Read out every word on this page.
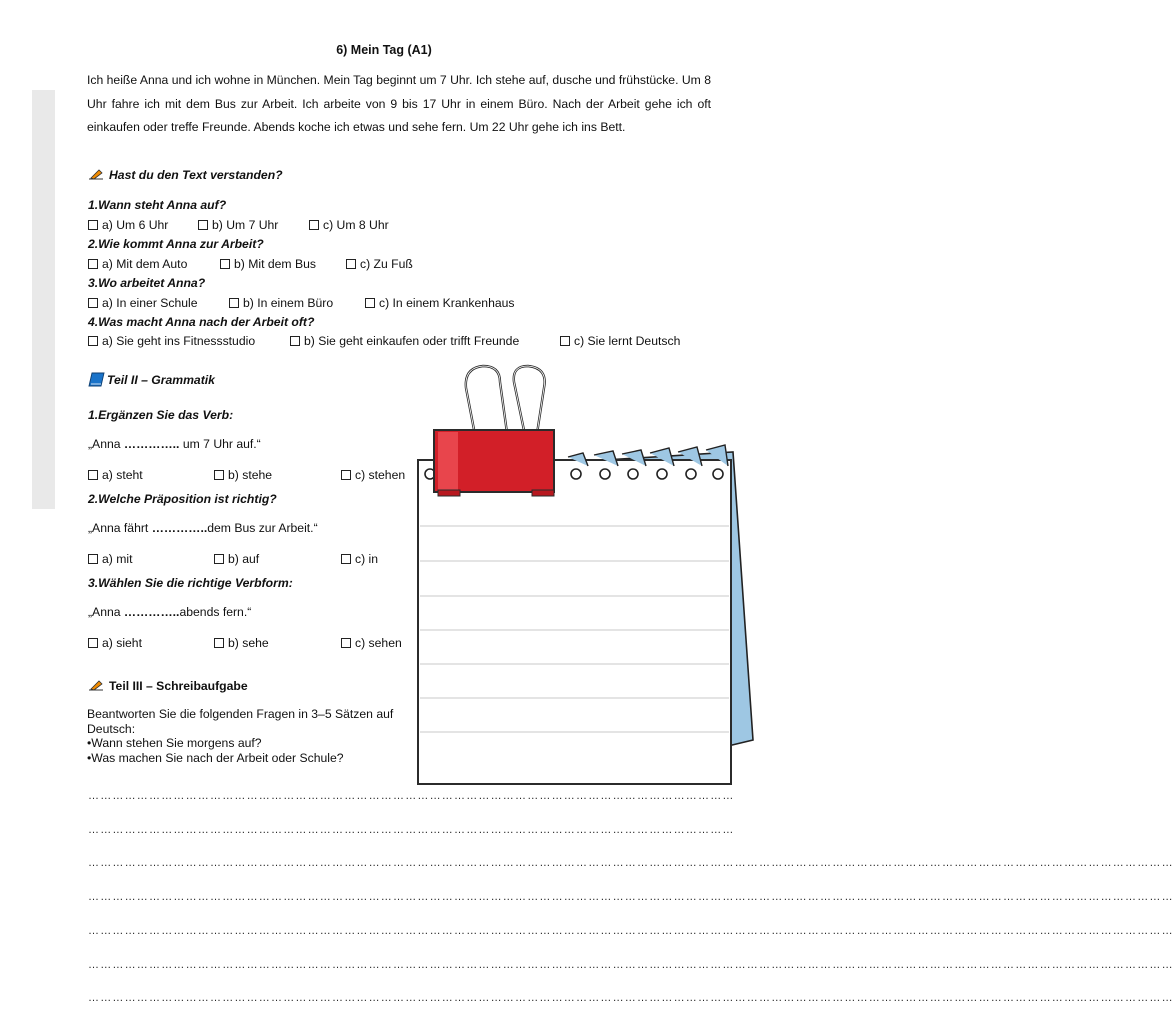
6) Mein Tag (A1)
Ich heiße Anna und ich wohne in München. Mein Tag beginnt um 7 Uhr. Ich stehe auf, dusche und frühstücke. Um 8 Uhr fahre ich mit dem Bus zur Arbeit. Ich arbeite von 9 bis 17 Uhr in einem Büro. Nach der Arbeit gehe ich oft einkaufen oder treffe Freunde. Abends koche ich etwas und sehe fern. Um 22 Uhr gehe ich ins Bett.
Hast du den Text verstanden?
1.Wann steht Anna auf?
a) Um 6 Uhr	b) Um 7 Uhr	c) Um 8 Uhr
2.Wie kommt Anna zur Arbeit?
a) Mit dem Auto	b) Mit dem Bus	c) Zu Fuß
3.Wo arbeitet Anna?
a) In einer Schule	b) In einem Büro	c) In einem Krankenhaus
4.Was macht Anna nach der Arbeit oft?
a) Sie geht ins Fitnessstudio	b) Sie geht einkaufen oder trifft Freunde	c) Sie lernt Deutsch
Teil II – Grammatik
1.Ergänzen Sie das Verb:
„Anna ………….. um 7 Uhr auf.“
a) steht	b) stehe	c) stehen
2.Welche Präposition ist richtig?
„Anna fährt …………..dem Bus zur Arbeit.“
a) mit	b) auf	c) in
3.Wählen Sie die richtige Verbform:
„Anna …………..abends fern.“
a) sieht	b) sehe	c) sehen
Teil III – Schreibaufgabe
Beantworten Sie die folgenden Fragen in 3–5 Sätzen auf Deutsch:
•Wann stehen Sie morgens auf?
•Was machen Sie nach der Arbeit oder Schule?
……………………………………………………………………………………………………………………………………………
……………………………………………………………………………………………………………………………………………
……………………………………………………………………………………………………………………………………………………………………………………………………………………………………………
……………………………………………………………………………………………………………………………………………………………………………………………………………………………………………
……………………………………………………………………………………………………………………………………………………………………………………………………………………………………………
……………………………………………………………………………………………………………………………………………………………………………………………………………………………………………
……………………………………………………………………………………………………………………………………………………………………………………………………………………………………………
